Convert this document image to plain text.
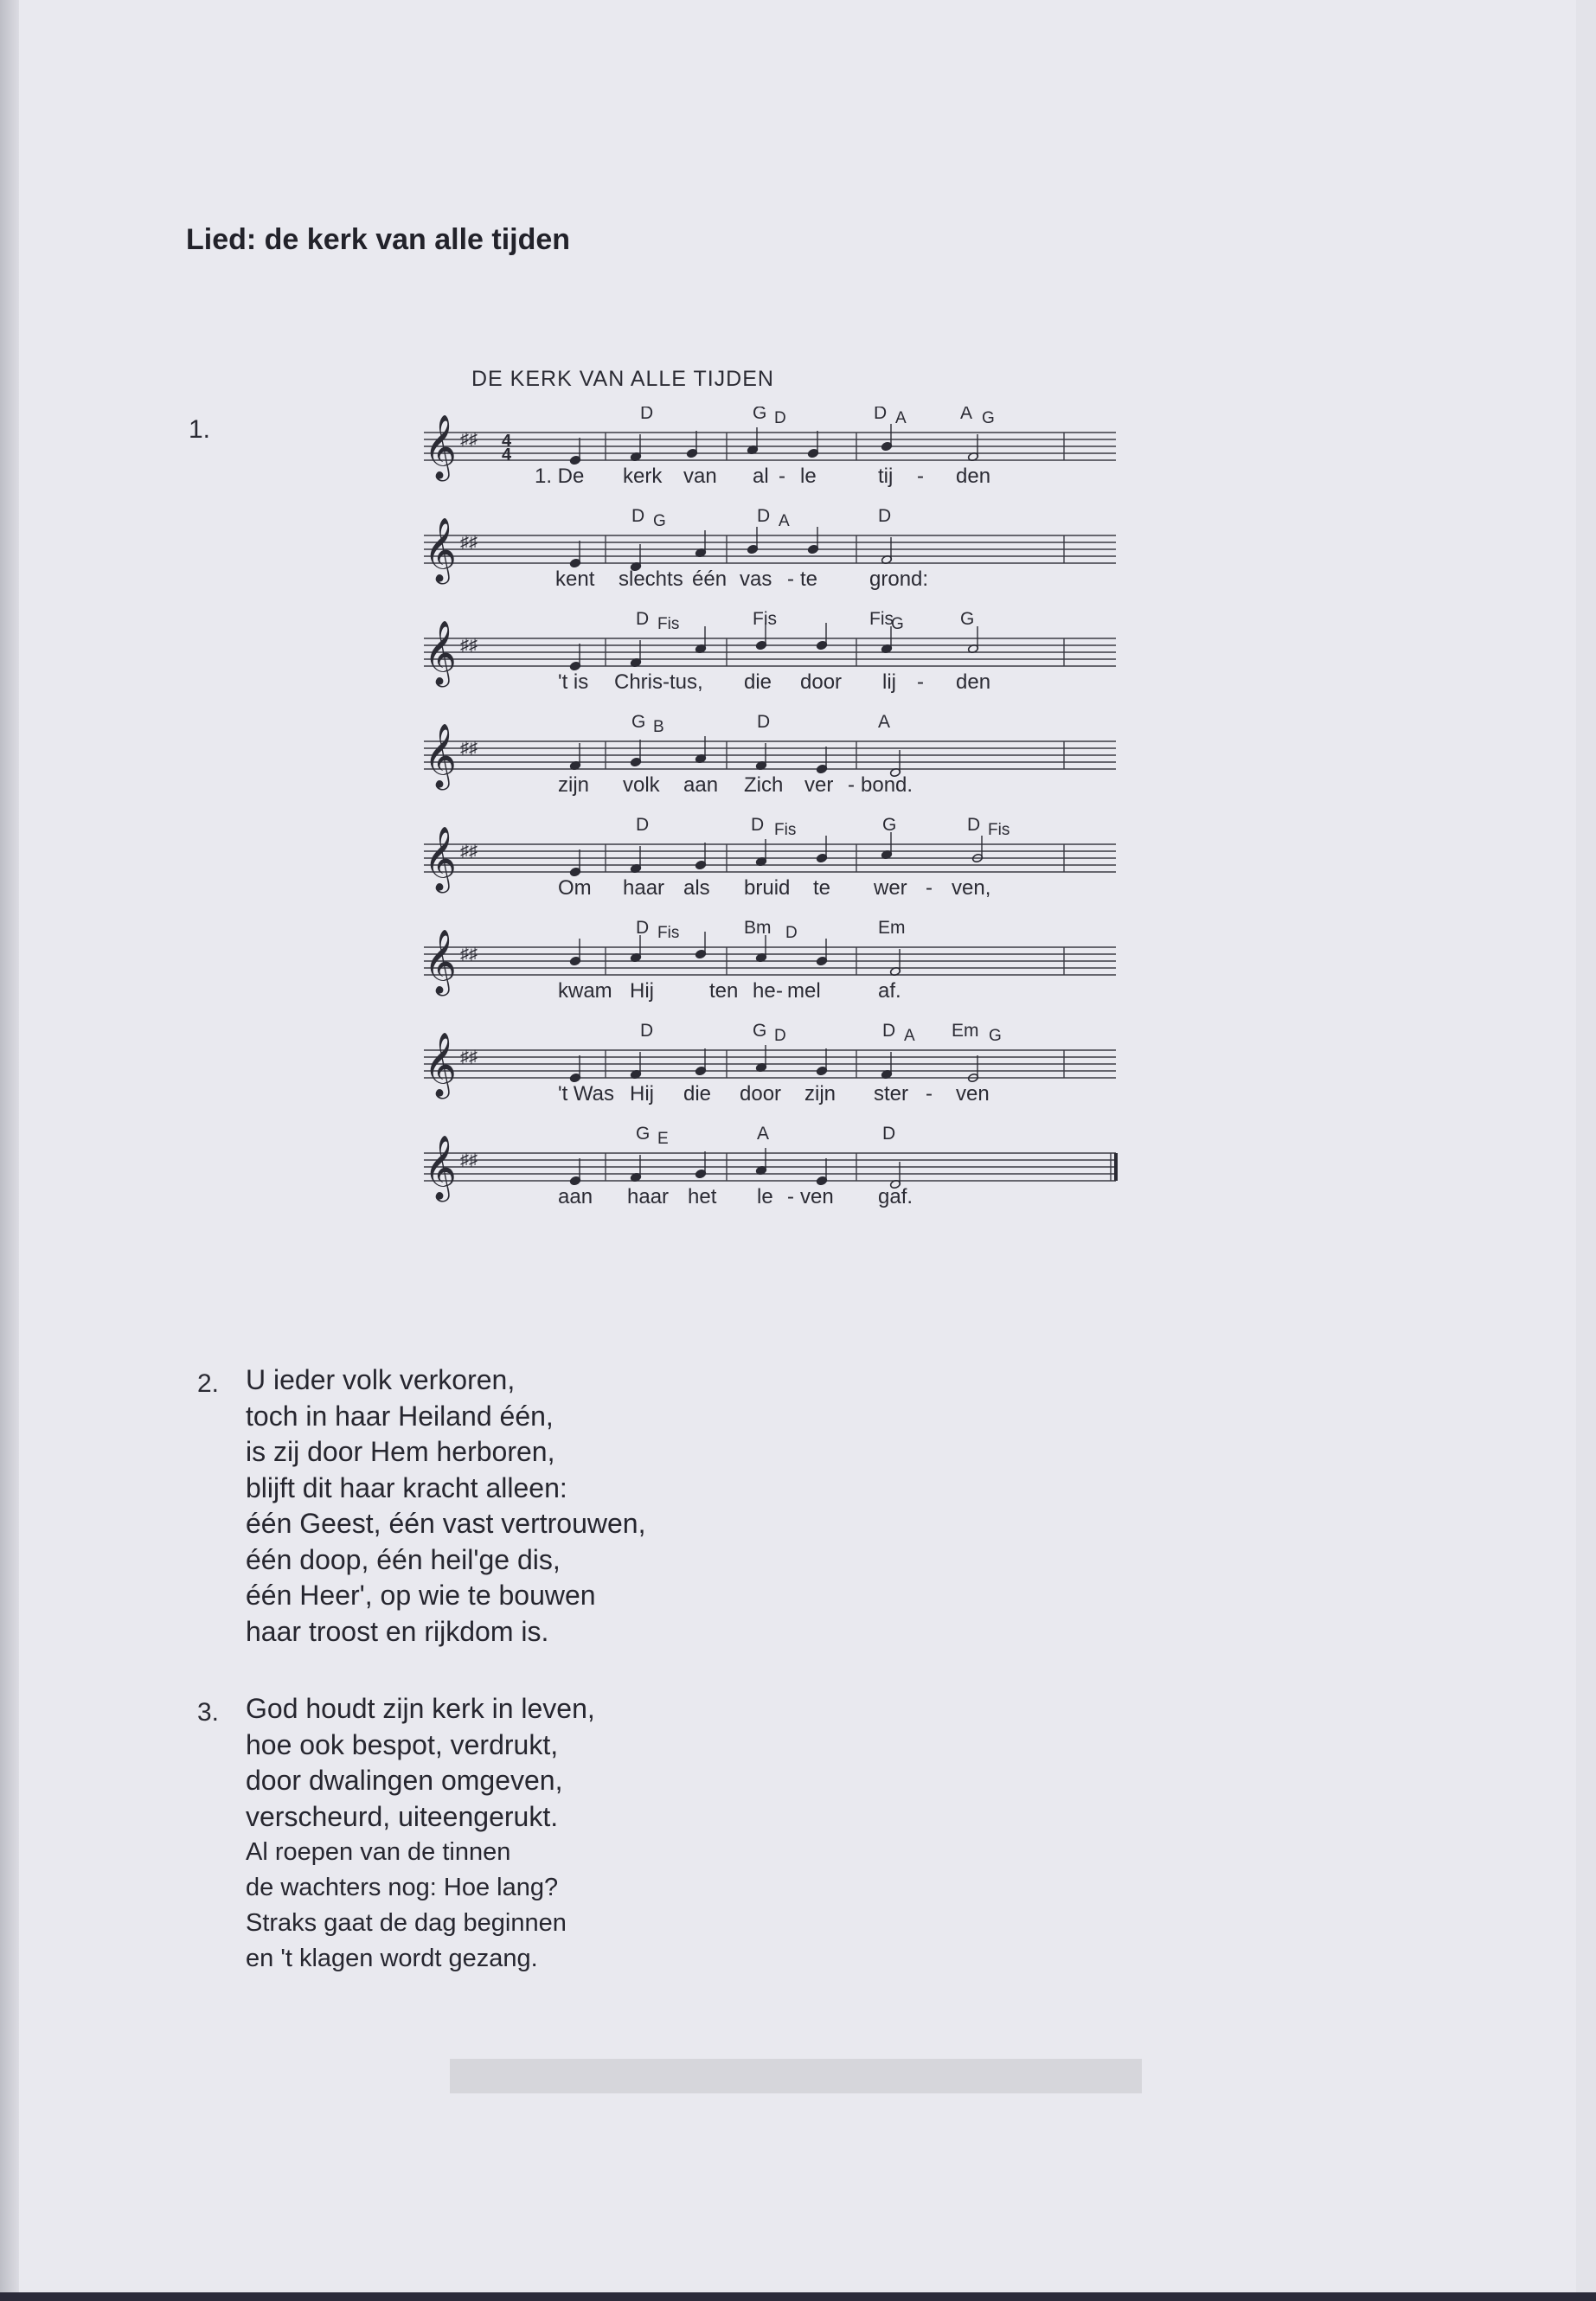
Lied: de kerk van alle tijden
DE KERK VAN ALLE TIJDEN
1.	𝄞 ♯♯ 4
4
D	G D	D A	A G
1. De kerk van al - le	tij - den
𝄞 ♯♯
D G	D A	D
kent slechts één vas - te grond:
𝄞 ♯♯
D Fis	Fis	Fis
G	G
't is Chris-tus, die door lij - den
𝄞 ♯♯
G B	D	A
zijn volk aan Zich ver - bond.
𝄞 ♯♯
D	D Fis	G	D Fis
Om haar als bruid te wer - ven,
𝄞 ♯♯
D Fis	Bm D	Em
kwam Hij	ten he - mel	af.
𝄞 ♯♯
D	G D	D A Em G
't Was Hij die door zijn ster - ven
𝄞 ♯♯
G E	A	D
aan haar het le - ven gaf.
2. U ieder volk verkoren,
toch in haar Heiland één,
is zij door Hem herboren,
blijft dit haar kracht alleen:
één Geest, één vast vertrouwen,
één doop, één heil'ge dis,
één Heer', op wie te bouwen
haar troost en rijkdom is.
3. God houdt zijn kerk in leven,
hoe ook bespot, verdrukt,
door dwalingen omgeven,
verscheurd, uiteengerukt.
Al roepen van de tinnen
de wachters nog: Hoe lang?
Straks gaat de dag beginnen
en 't klagen wordt gezang.
